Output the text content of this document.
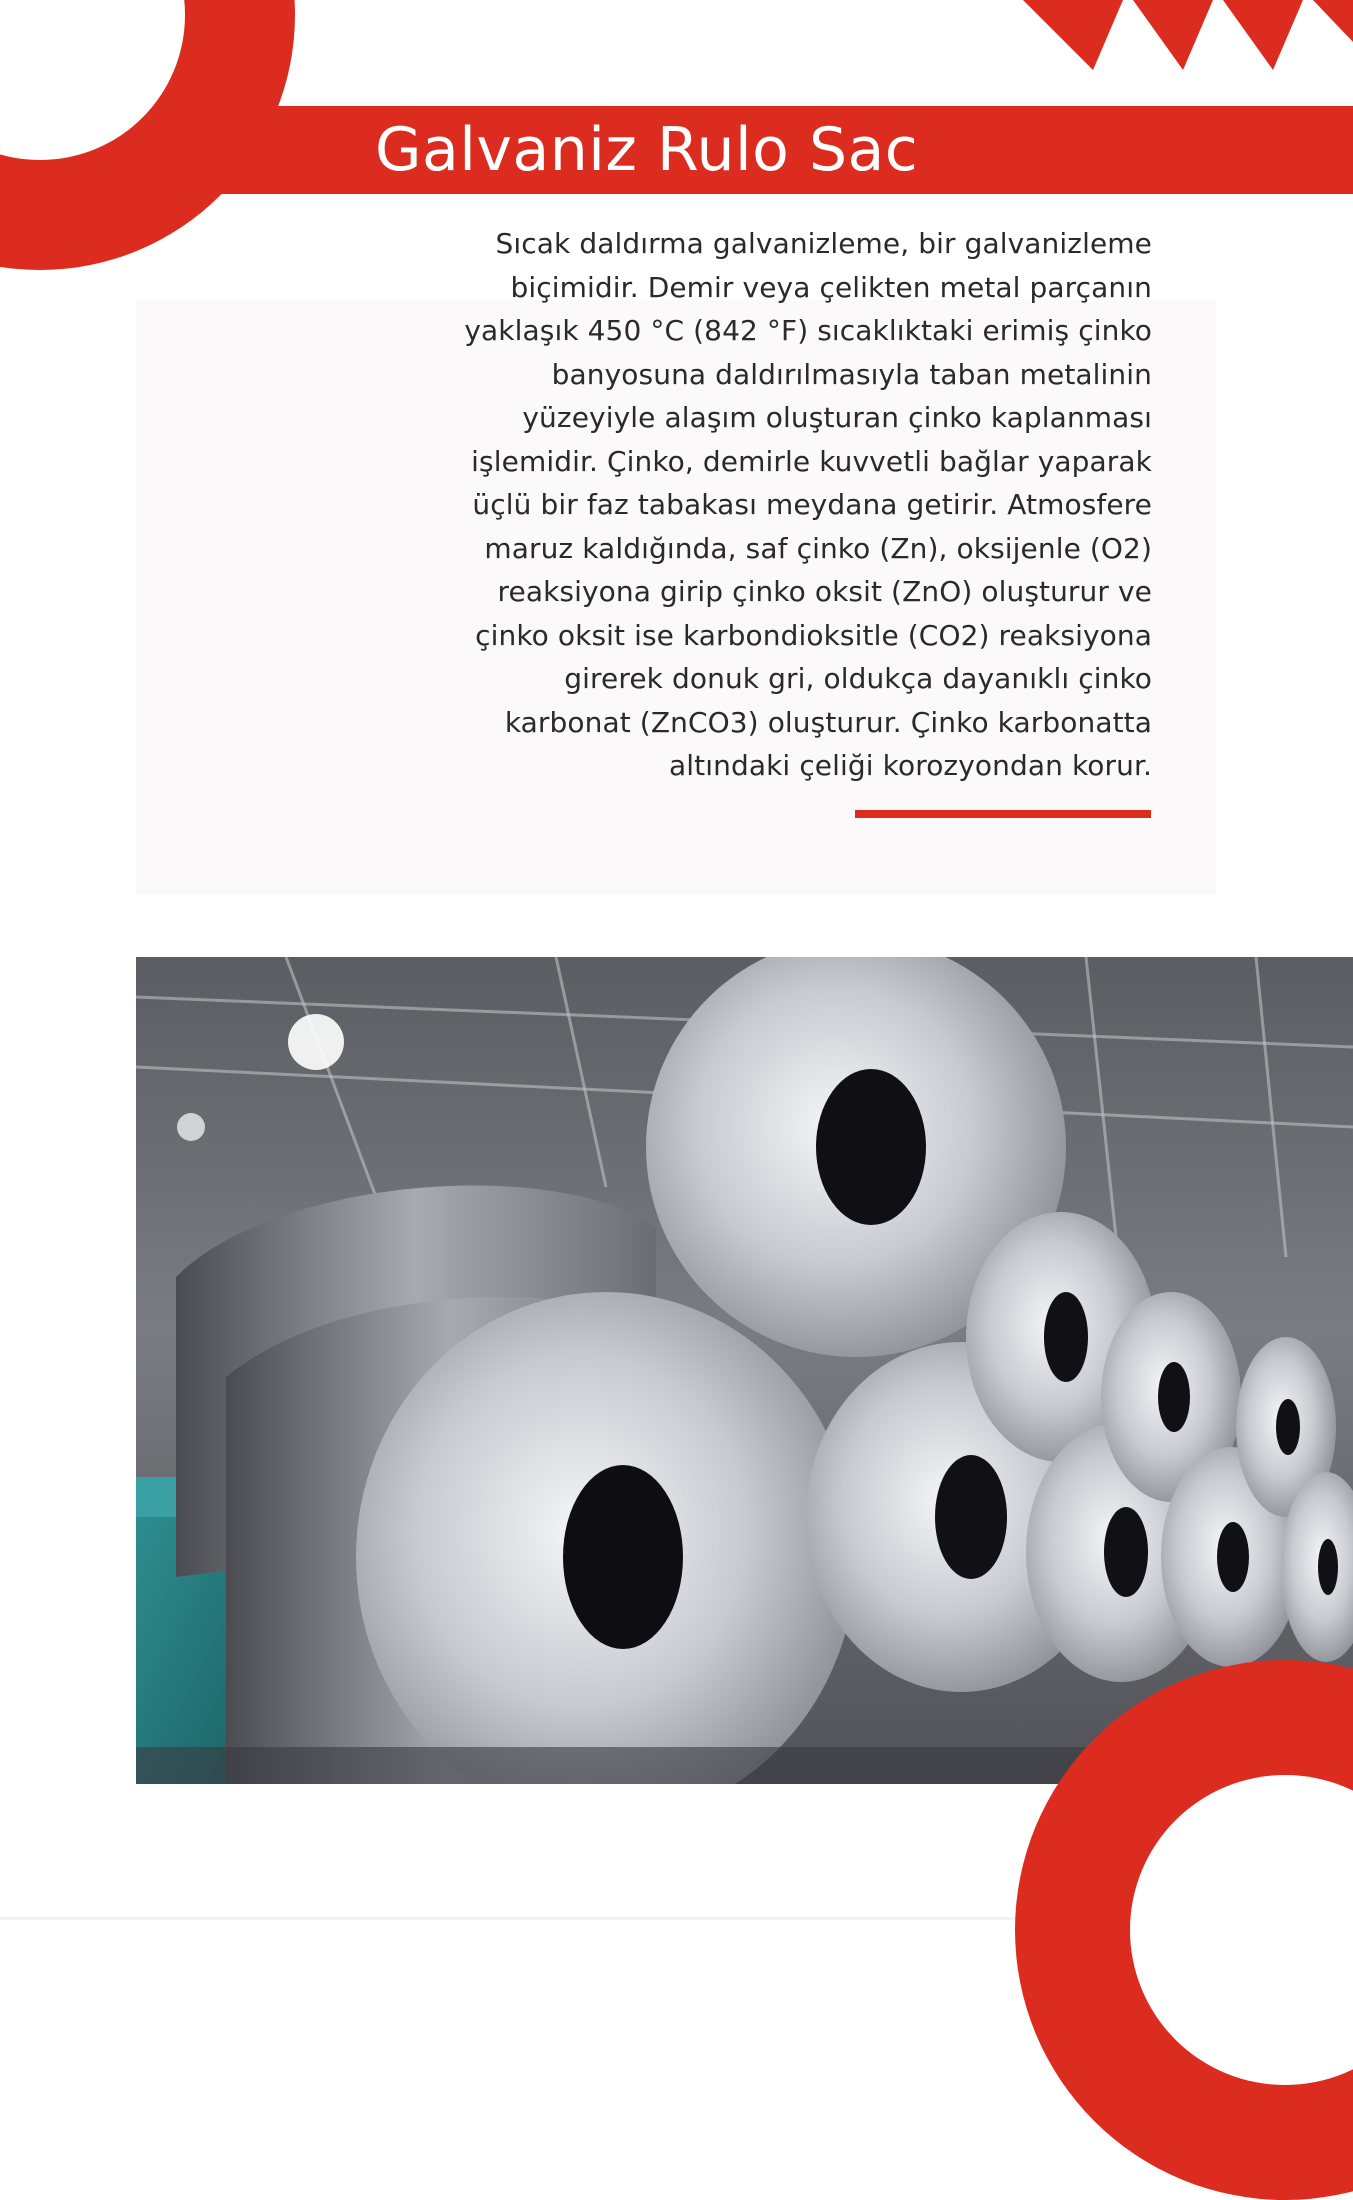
Galvaniz Rulo Sac

Sıcak daldırma galvanizleme, bir galvanizleme
biçimidir. Demir veya çelikten metal parçanın
yaklaşık 450 °C (842 °F) sıcaklıktaki erimiş çinko
banyosuna daldırılmasıyla taban metalinin
yüzeyiyle alaşım oluşturan çinko kaplanması
işlemidir. Çinko, demirle kuvvetli bağlar yaparak
üçlü bir faz tabakası meydana getirir. Atmosfere
maruz kaldığında, saf çinko (Zn), oksijenle (O2)
reaksiyona girip çinko oksit (ZnO) oluşturur ve
çinko oksit ise karbondioksitle (CO2) reaksiyona
girerek donuk gri, oldukça dayanıklı çinko
karbonat (ZnCO3) oluşturur. Çinko karbonatta
altındaki çeliği korozyondan korur.
